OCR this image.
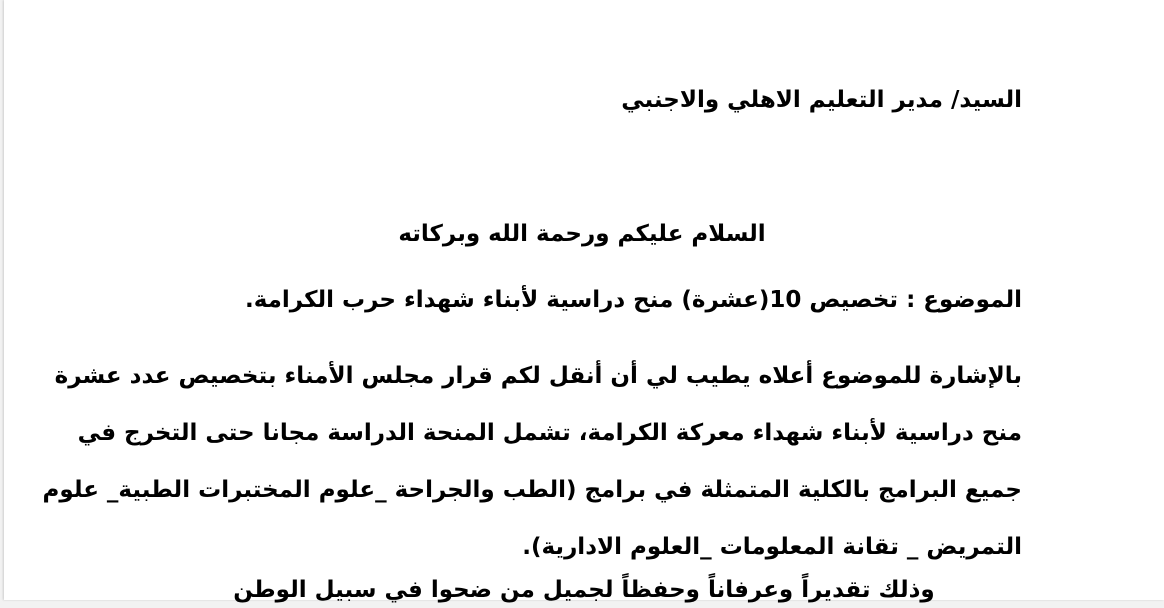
السيد/ مدير التعليم الاهلي والاجنبي
السلام عليكم ورحمة الله وبركاته
الموضوع : تخصيص 10(عشرة) منح دراسية لأبناء شهداء حرب الكرامة.
بالإشارة للموضوع أعلاه يطيب لي أن أنقل لكم قرار مجلس الأمناء بتخصيص عدد عشرة
منح دراسية لأبناء شهداء معركة الكرامة، تشمل المنحة الدراسة مجانا حتى التخرج في
جميع البرامج بالكلية المتمثلة في برامج (الطب والجراحة _علوم المختبرات الطبية_ علوم
التمريض _ تقانة المعلومات _العلوم الادارية).
وذلك تقديراً وعرفاناً وحفظاً لجميل من ضحوا في سبيل الوطن
